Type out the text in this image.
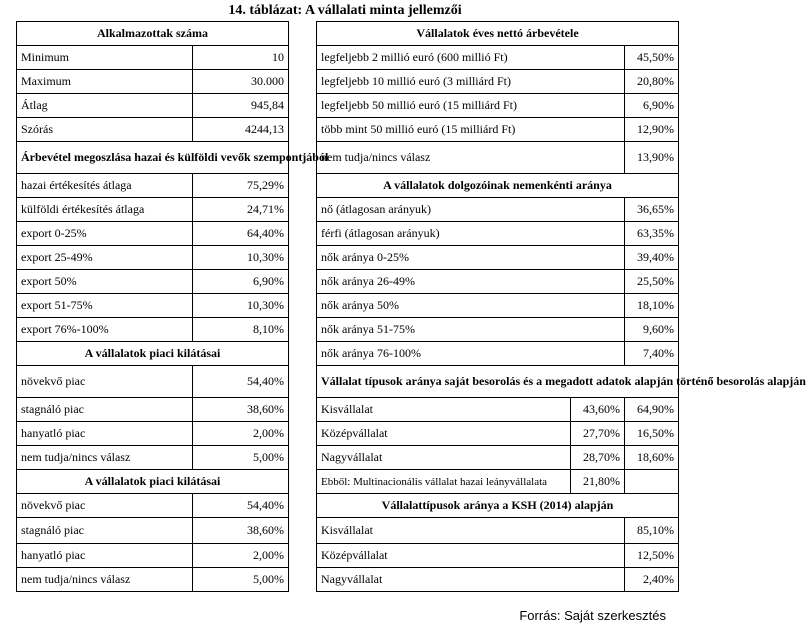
14. táblázat: A vállalati minta jellemzői
Alkalmazottak száma			Vállalatok éves nettó árbevétele		
Minimum	10		legfeljebb 2 millió euró (600 millió Ft)		45,50%
Maximum	30.000		legfeljebb 10 millió euró (3 milliárd Ft)		20,80%
Átlag	945,84		legfeljebb 50 millió euró (15 milliárd Ft)		6,90%
Szórás	4244,13		több mint 50 millió euró (15 milliárd Ft)		12,90%
Árbevétel megoszlása hazai és külföldi vevők szempontjából			nem tudja/nincs válasz		13,90%
hazai értékesítés átlaga	75,29%		A vállalatok dolgozóinak nemenkénti aránya		
külföldi értékesítés átlaga	24,71%		nő (átlagosan arányuk)		36,65%
export 0-25%	64,40%		férfi (átlagosan arányuk)		63,35%
export 25-49%	10,30%		nők aránya 0-25%		39,40%
export 50%	6,90%		nők aránya 26-49%		25,50%
export 51-75%	10,30%		nők aránya 50%		18,10%
export 76%-100%	8,10%		nők aránya 51-75%		9,60%
A vállalatok piaci kilátásai			nők aránya 76-100%		7,40%
növekvő piac	54,40%		Vállalat típusok aránya saját besorolás és a megadott adatok alapján történő besorolás alapján		
stagnáló piac	38,60%		Kisvállalat	43,60%	64,90%
hanyatló piac	2,00%		Középvállalat	27,70%	16,50%
nem tudja/nincs válasz	5,00%		Nagyvállalat	28,70%	18,60%
A vállalatok piaci kilátásai			Ebből: Multinacionális vállalat hazai leányvállalata	21,80%	
növekvő piac	54,40%		Vállalattípusok aránya a KSH (2014) alapján		
stagnáló piac	38,60%		Kisvállalat		85,10%
hanyatló piac	2,00%		Középvállalat		12,50%
nem tudja/nincs válasz	5,00%		Nagyvállalat		2,40%
Forrás: Saját szerkesztés
